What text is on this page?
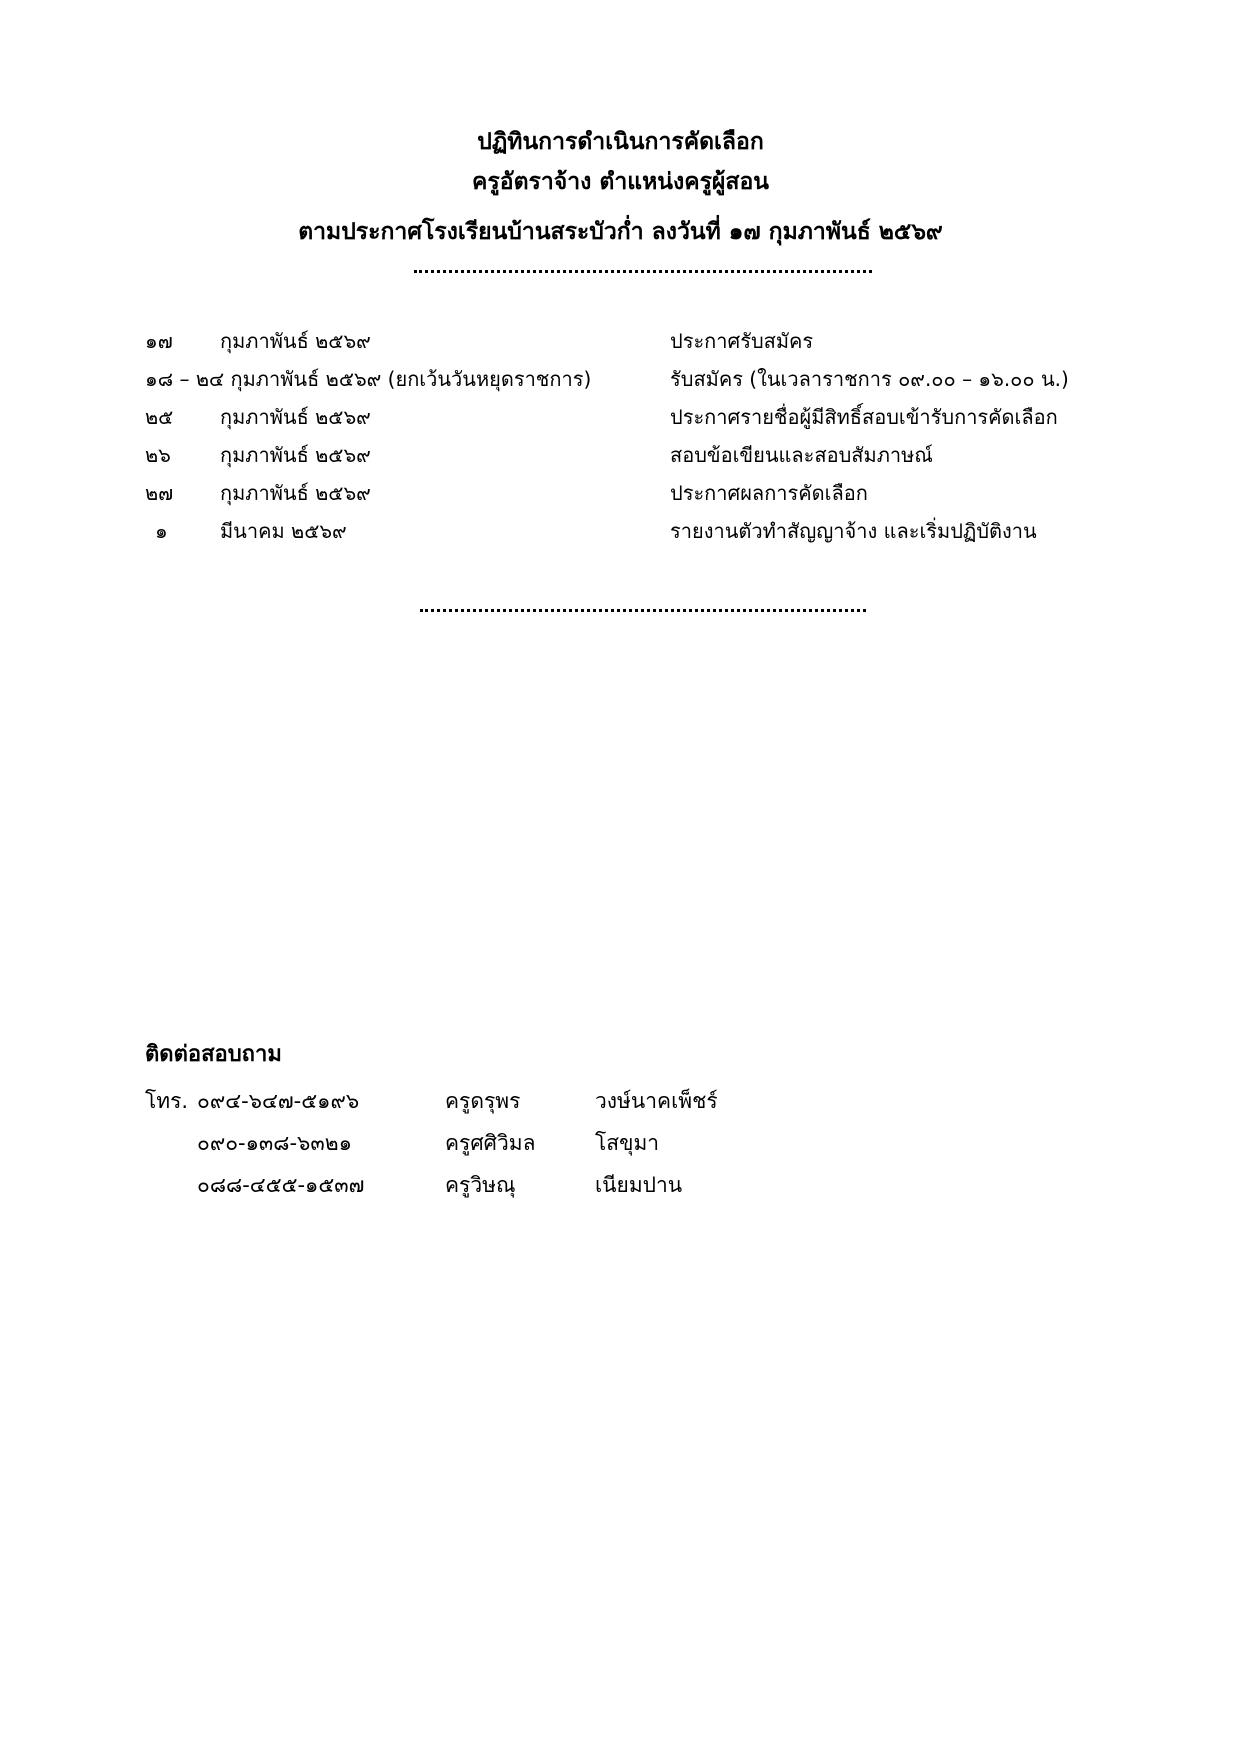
ปฏิทินการดำเนินการคัดเลือก
ครูอัตราจ้าง ตำแหน่งครูผู้สอน
ตามประกาศโรงเรียนบ้านสระบัวก่ำ ลงวันที่ ๑๗ กุมภาพันธ์ ๒๕๖๙
๑๗ กุมภาพันธ์ ๒๕๖๙	ประกาศรับสมัคร
๑๘ – ๒๔ กุมภาพันธ์ ๒๕๖๙ (ยกเว้นวันหยุดราชการ)	รับสมัคร (ในเวลาราชการ ๐๙.๐๐ – ๑๖.๐๐ น.)
๒๕ กุมภาพันธ์ ๒๕๖๙	ประกาศรายชื่อผู้มีสิทธิ์สอบเข้ารับการคัดเลือก
๒๖ กุมภาพันธ์ ๒๕๖๙	สอบข้อเขียนและสอบสัมภาษณ์
๒๗ กุมภาพันธ์ ๒๕๖๙	ประกาศผลการคัดเลือก
๑	มีนาคม ๒๕๖๙	รายงานตัวทำสัญญาจ้าง และเริ่มปฏิบัติงาน
ติดต่อสอบถาม
โทร. ๐๙๔-๖๔๗-๕๑๙๖	ครูดรุพร	วงษ์นาคเพ็ชร์
๐๙๐-๑๓๘-๖๓๒๑	ครูศศิวิมล	โสขุมา
๐๘๘-๔๕๕-๑๕๓๗	ครูวิษณุ	เนียมปาน
